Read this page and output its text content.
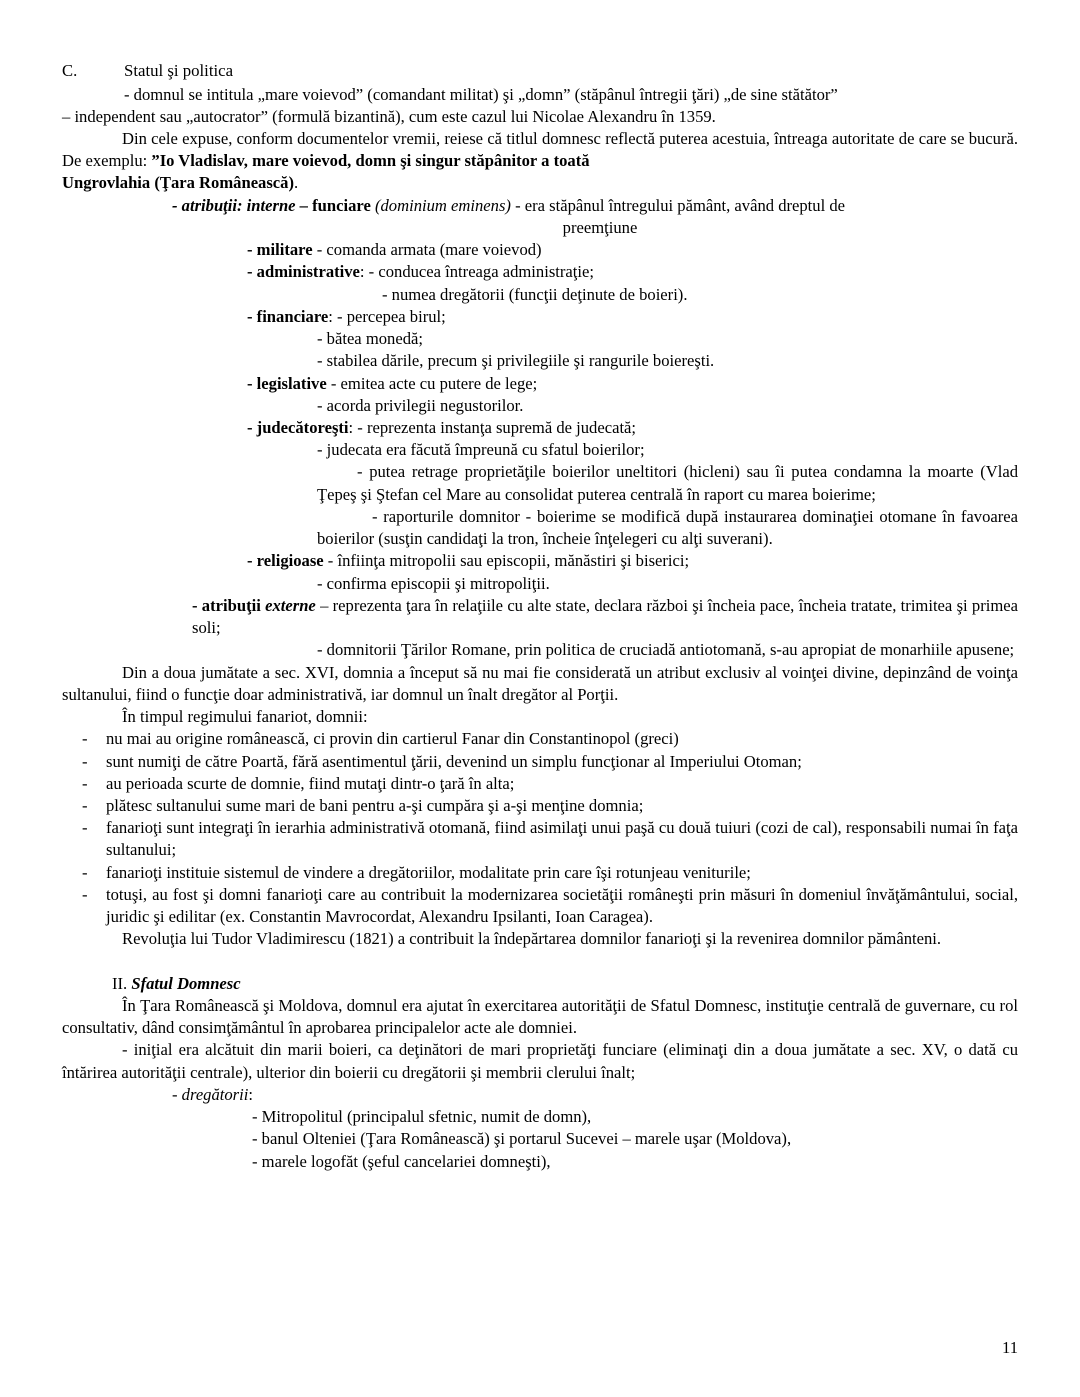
C.	Statul şi politica

- domnul se intitula „mare voievod” (comandant militat) şi „domn” (stăpânul întregii ţări) „de sine stătător”

– independent sau „autocrator” (formulă bizantină), cum este cazul lui Nicolae Alexandru în 1359.

Din cele expuse, conform documentelor vremii, reiese că titlul domnesc reflectă puterea acestuia, întreaga autoritate de care se bucură. De exemplu: ”Io Vladislav, mare voievod, domn şi singur stăpânitor a toată

Ungrovlahia (Ţara Românească).

- atribuţii: interne – funciare (dominium eminens) - era stăpânul întregului pământ, având dreptul de

preemţiune

- militare - comanda armata (mare voievod)

- administrative: - conducea întreaga administraţie;

- numea dregătorii (funcţii deţinute de boieri).

- financiare: - percepea birul;

- bătea monedă;

- stabilea dările, precum şi privilegiile şi rangurile boiereşti.

- legislative - emitea acte cu putere de lege;

- acorda privilegii negustorilor.

- judecătoreşti: - reprezenta instanţa supremă de judecată;

- judecata era făcută împreună cu sfatul boierilor;

- putea retrage proprietăţile boierilor uneltitori (hicleni) sau îi putea condamna la moarte (Vlad Ţepeş şi Ştefan cel Mare au consolidat puterea centrală în raport cu marea boierime;

- raporturile domnitor - boierime se modifică după instaurarea dominaţiei otomane în favoarea boierilor (susţin candidaţi la tron, încheie înţelegeri cu alţi suverani).

- religioase - înfiinţa mitropolii sau episcopii, mănăstiri şi biserici;

- confirma episcopii şi mitropoliţii.

- atribuţii externe – reprezenta ţara în relaţiile cu alte state, declara război şi încheia pace, încheia tratate, trimitea şi primea soli;

- domnitorii Ţărilor Romane, prin politica de cruciadă antiotomană, s-au apropiat de monarhiile apusene;

Din a doua jumătate a sec. XVI, domnia a început să nu mai fie considerată un atribut exclusiv al voinţei divine, depinzând de voinţa sultanului, fiind o funcţie doar administrativă, iar domnul un înalt dregător al Porţii.

În timpul regimului fanariot, domnii:

-	nu mai au origine românească, ci provin din cartierul Fanar din Constantinopol (greci)
-	sunt numiţi de către Poartă, fără asentimentul ţării, devenind un simplu funcţionar al Imperiului Otoman;
-	au perioada scurte de domnie, fiind mutaţi dintr-o ţară în alta;
-	plătesc sultanului sume mari de bani pentru a-şi cumpăra şi a-şi menţine domnia;
-	fanarioţi sunt integraţi în ierarhia administrativă otomană, fiind asimilaţi unui paşă cu două tuiuri (cozi de cal), responsabili numai în faţa sultanului;
-	fanarioţi instituie sistemul de vindere a dregătoriilor, modalitate prin care îşi rotunjeau veniturile;
-	totuşi, au fost şi domni fanarioţi care au contribuit la modernizarea societăţii româneşti prin măsuri în domeniul învăţământului, social, juridic şi edilitar (ex. Constantin Mavrocordat, Alexandru Ipsilanti, Ioan Caragea).

Revoluţia lui Tudor Vladimirescu (1821) a contribuit la îndepărtarea domnilor fanarioţi şi la revenirea domnilor pământeni.

II. Sfatul Domnesc

În Ţara Românească şi Moldova, domnul era ajutat în exercitarea autorităţii de Sfatul Domnesc, instituţie centrală de guvernare, cu rol consultativ, dând consimţământul în aprobarea principalelor acte ale domniei.

- iniţial era alcătuit din marii boieri, ca deţinători de mari proprietăţi funciare (eliminaţi din a doua jumătate a sec. XV, o dată cu întărirea autorităţii centrale), ulterior din boierii cu dregătorii şi membrii clerului înalt;

- dregătorii:

- Mitropolitul (principalul sfetnic, numit de domn),

- banul Olteniei (Ţara Românească) şi portarul Sucevei – marele uşar (Moldova),

- marele logofăt (şeful cancelariei domneşti),

11
